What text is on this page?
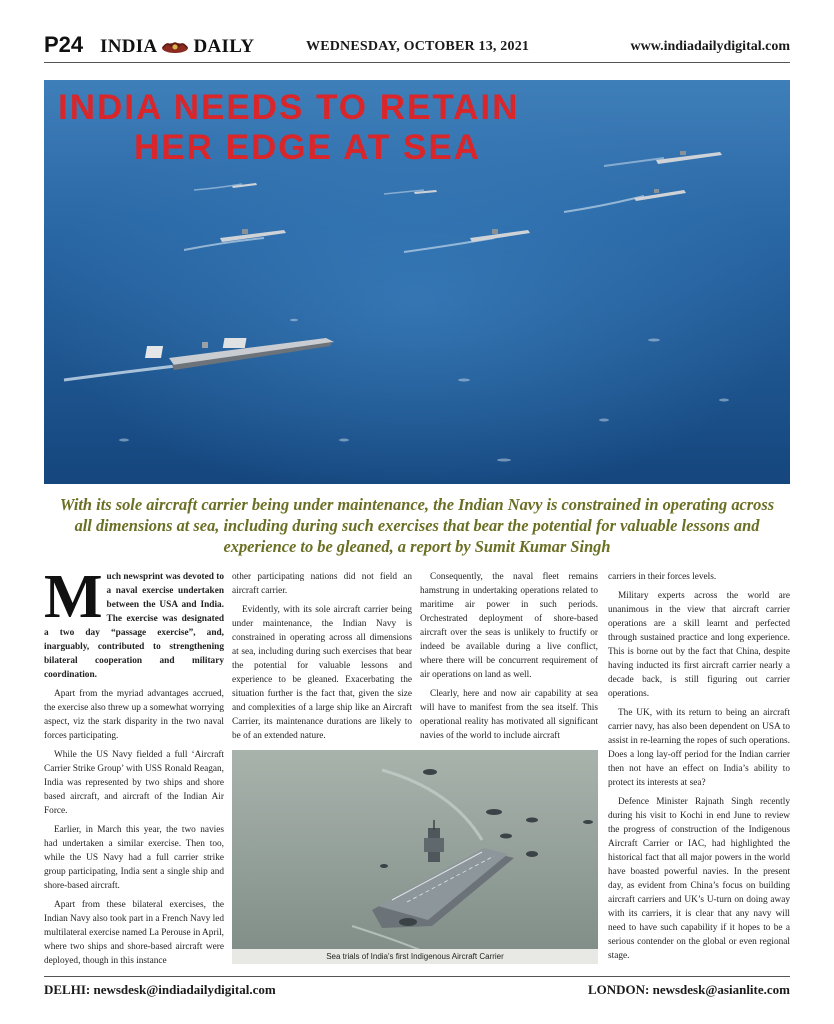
P24 INDIA DAILY	WEDNESDAY, OCTOBER 13, 2021	www.indiadailydigital.com
INDIA NEEDS TO RETAIN
HER EDGE AT SEA
With its sole aircraft carrier being under maintenance, the Indian Navy is constrained in operating across all dimensions at sea, including during such exercises that bear the potential for valuable lessons and experience to be gleaned, a report by Sumit Kumar Singh

Much newsprint was devoted to a naval exercise undertaken between the USA and India. The exercise was designated a two day “passage exercise”, and, inarguably, contributed to strengthening bilateral cooperation and military coordination.

Apart from the myriad advantages accrued, the exercise also threw up a somewhat worrying aspect, viz the stark disparity in the two naval forces participating.

While the US Navy fielded a full ‘Aircraft Carrier Strike Group’ with USS Ronald Reagan, India was represented by two ships and shore based aircraft, and aircraft of the Indian Air Force.

Earlier, in March this year, the two navies had undertaken a similar exercise. Then too, while the US Navy had a full carrier strike group participating, India sent a single ship and shore-based aircraft.

Apart from these bilateral exercises, the Indian Navy also took part in a French Navy led multilateral exercise named La Perouse in April, where two ships and shore-based aircraft were deployed, though in this instance

other participating nations did not field an aircraft carrier.

Evidently, with its sole aircraft carrier being under maintenance, the Indian Navy is constrained in operating across all dimensions at sea, including during such exercises that bear the potential for valuable lessons and experience to be gleaned. Exacerbating the situation further is the fact that, given the size and complexities of a large ship like an Aircraft Carrier, its maintenance durations are likely to be of an extended nature.

Consequently, the naval fleet remains hamstrung in undertaking operations related to maritime air power in such periods. Orchestrated deployment of shore-based aircraft over the seas is unlikely to fructify or indeed be available during a live conflict, where there will be concurrent requirement of air operations on land as well.

Clearly, here and now air capability at sea will have to manifest from the sea itself. This operational reality has motivated all significant navies of the world to include aircraft

carriers in their forces levels.

Military experts across the world are unanimous in the view that aircraft carrier operations are a skill learnt and perfected through sustained practice and long experience. This is borne out by the fact that China, despite having inducted its first aircraft carrier nearly a decade back, is still figuring out carrier operations.

The UK, with its return to being an aircraft carrier navy, has also been dependent on USA to assist in re-learning the ropes of such operations. Does a long lay-off period for the Indian carrier then not have an effect on India’s ability to protect its interests at sea?

Defence Minister Rajnath Singh recently during his visit to Kochi in end June to review the progress of construction of the Indigenous Aircraft Carrier or IAC, had highlighted the historical fact that all major powers in the world have boasted powerful navies. In the present day, as evident from China’s focus on building aircraft carriers and UK’s U-turn on doing away with its carriers, it is clear that any navy will need to have such capability if it hopes to be a serious contender on the global or even regional stage.

Sea trials of India's first Indigenous Aircraft Carrier
DELHI: newsdesk@indiadailydigital.com	LONDON: newsdesk@asianlite.com
